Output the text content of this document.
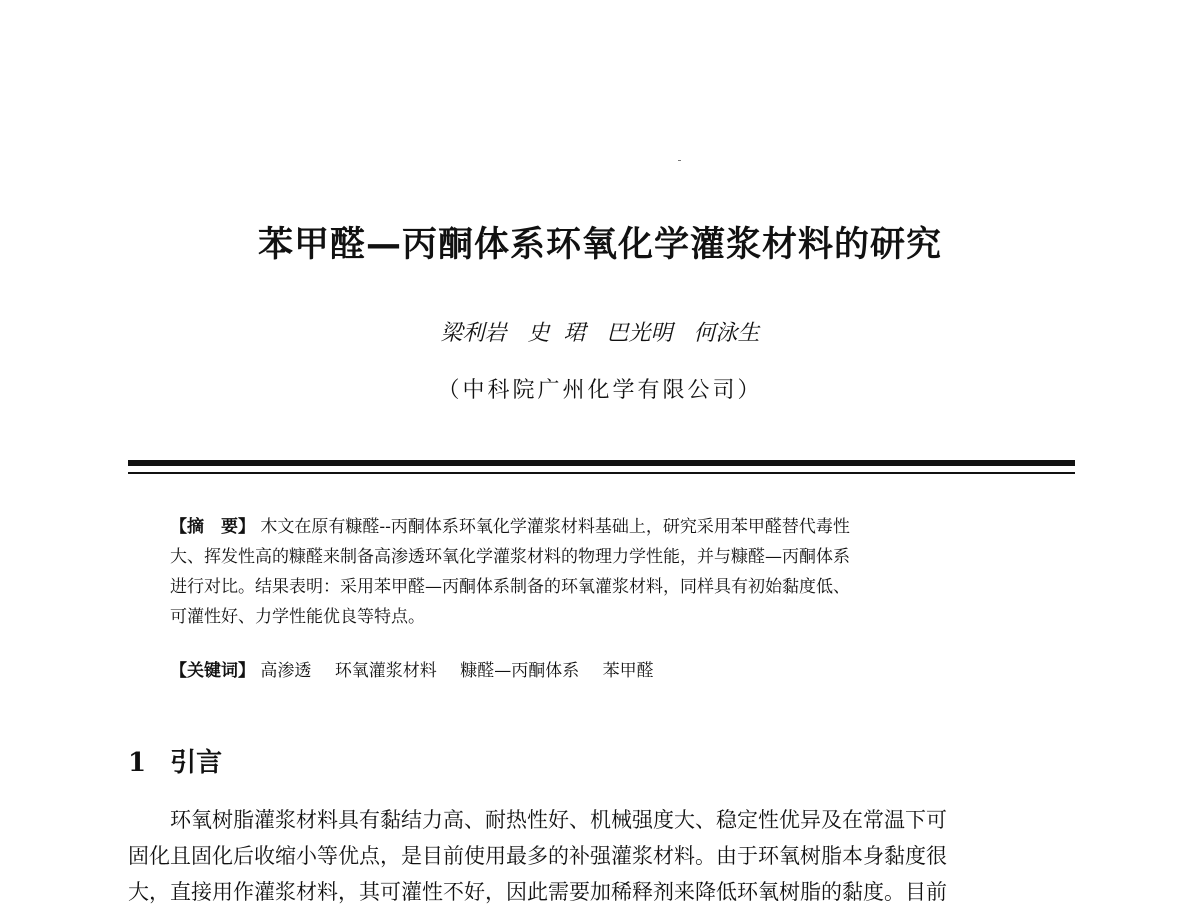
苯甲醛—丙酮体系环氧化学灌浆材料的研究
梁利岩   史  珺   巴光明   何泳生
（中科院广州化学有限公司）

【摘　要】 木文在原有糠醛--丙酮体系环氧化学灌浆材料基础上，研究采用苯甲醛替代毒性

大、挥发性高的糠醛来制备高渗透环氧化学灌浆材料的物理力学性能，并与糠醛—丙酮体系

进行对比。结果表明：采用苯甲醛—丙酮体系制备的环氧灌浆材料，同样具有初始黏度低、

可灌性好、力学性能优良等特点。

【关键词】 高渗透 环氧灌浆材料 糠醛—丙酮体系 苯甲醛
1 引言

环氧树脂灌浆材料具有黏结力高、耐热性好、机械强度大、稳定性优异及在常温下可

固化且固化后收缩小等优点，是目前使用最多的补强灌浆材料。由于环氧树脂本身黏度很

大，直接用作灌浆材料，其可灌性不好，因此需要加稀释剂来降低环氧树脂的黏度。目前
